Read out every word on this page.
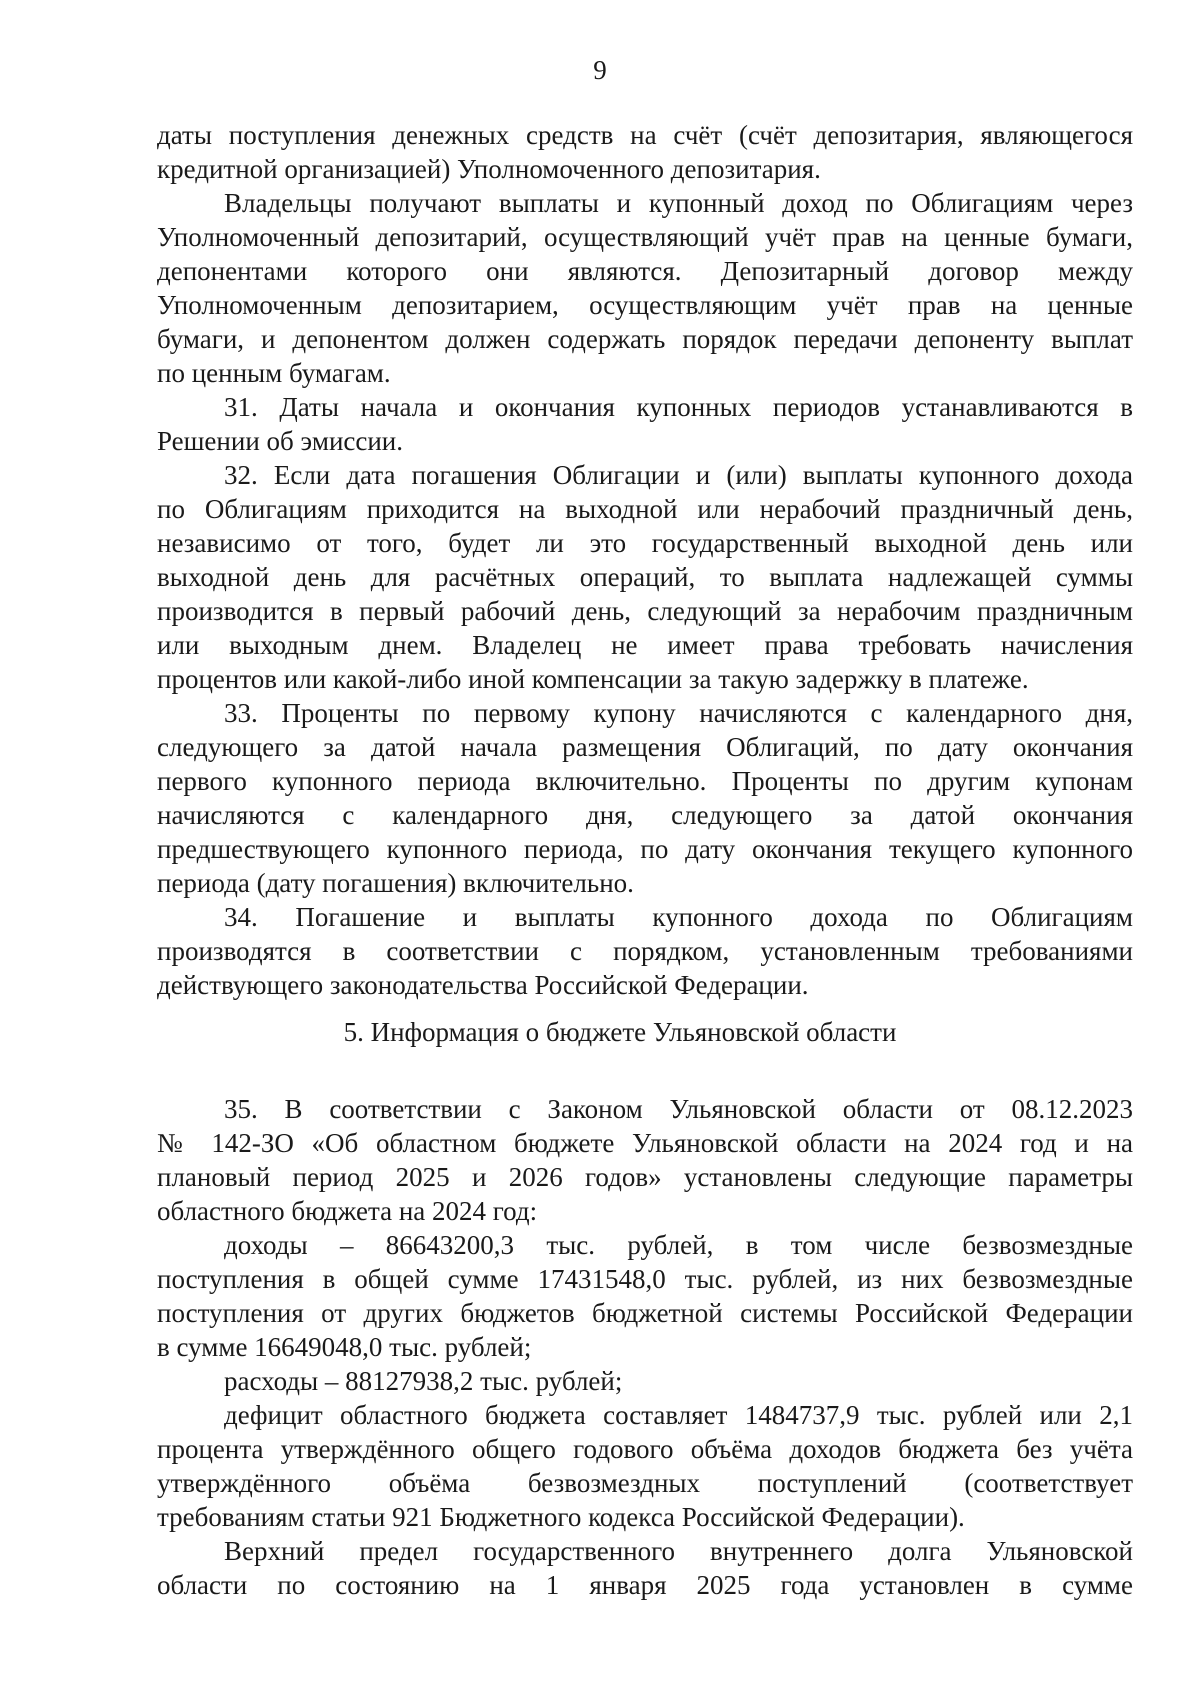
9
даты поступления денежных средств на счёт (счёт депозитария, являющегося
кредитной организацией) Уполномоченного депозитария.
Владельцы получают выплаты и купонный доход по Облигациям через
Уполномоченный депозитарий, осуществляющий учёт прав на ценные бумаги,
депонентами которого они являются. Депозитарный договор между
Уполномоченным депозитарием, осуществляющим учёт прав на ценные
бумаги, и депонентом должен содержать порядок передачи депоненту выплат
по ценным бумагам.
31. Даты начала и окончания купонных периодов устанавливаются в
Решении об эмиссии.
32. Если дата погашения Облигации и (или) выплаты купонного дохода
по Облигациям приходится на выходной или нерабочий праздничный день,
независимо от того, будет ли это государственный выходной день или
выходной день для расчётных операций, то выплата надлежащей суммы
производится в первый рабочий день, следующий за нерабочим праздничным
или выходным днем. Владелец не имеет права требовать начисления
процентов или какой-либо иной компенсации за такую задержку в платеже.
33. Проценты по первому купону начисляются с календарного дня,
следующего за датой начала размещения Облигаций, по дату окончания
первого купонного периода включительно. Проценты по другим купонам
начисляются с календарного дня, следующего за датой окончания
предшествующего купонного периода, по дату окончания текущего купонного
периода (дату погашения) включительно.
34. Погашение и выплаты купонного дохода по Облигациям
производятся в соответствии с порядком, установленным требованиями
действующего законодательства Российской Федерации.
5. Информация о бюджете Ульяновской области
35. В соответствии с Законом Ульяновской области от 08.12.2023
№ 142-ЗО «Об областном бюджете Ульяновской области на 2024 год и на
плановый период 2025 и 2026 годов» установлены следующие параметры
областного бюджета на 2024 год:
доходы – 86643200,3 тыс. рублей, в том числе безвозмездные
поступления в общей сумме 17431548,0 тыс. рублей, из них безвозмездные
поступления от других бюджетов бюджетной системы Российской Федерации
в сумме 16649048,0 тыс. рублей;
расходы – 88127938,2 тыс. рублей;
дефицит областного бюджета составляет 1484737,9 тыс. рублей или 2,1
процента утверждённого общего годового объёма доходов бюджета без учёта
утверждённого объёма безвозмездных поступлений (соответствует
требованиям статьи 921 Бюджетного кодекса Российской Федерации).
Верхний предел государственного внутреннего долга Ульяновской
области по состоянию на 1 января 2025 года установлен в сумме
